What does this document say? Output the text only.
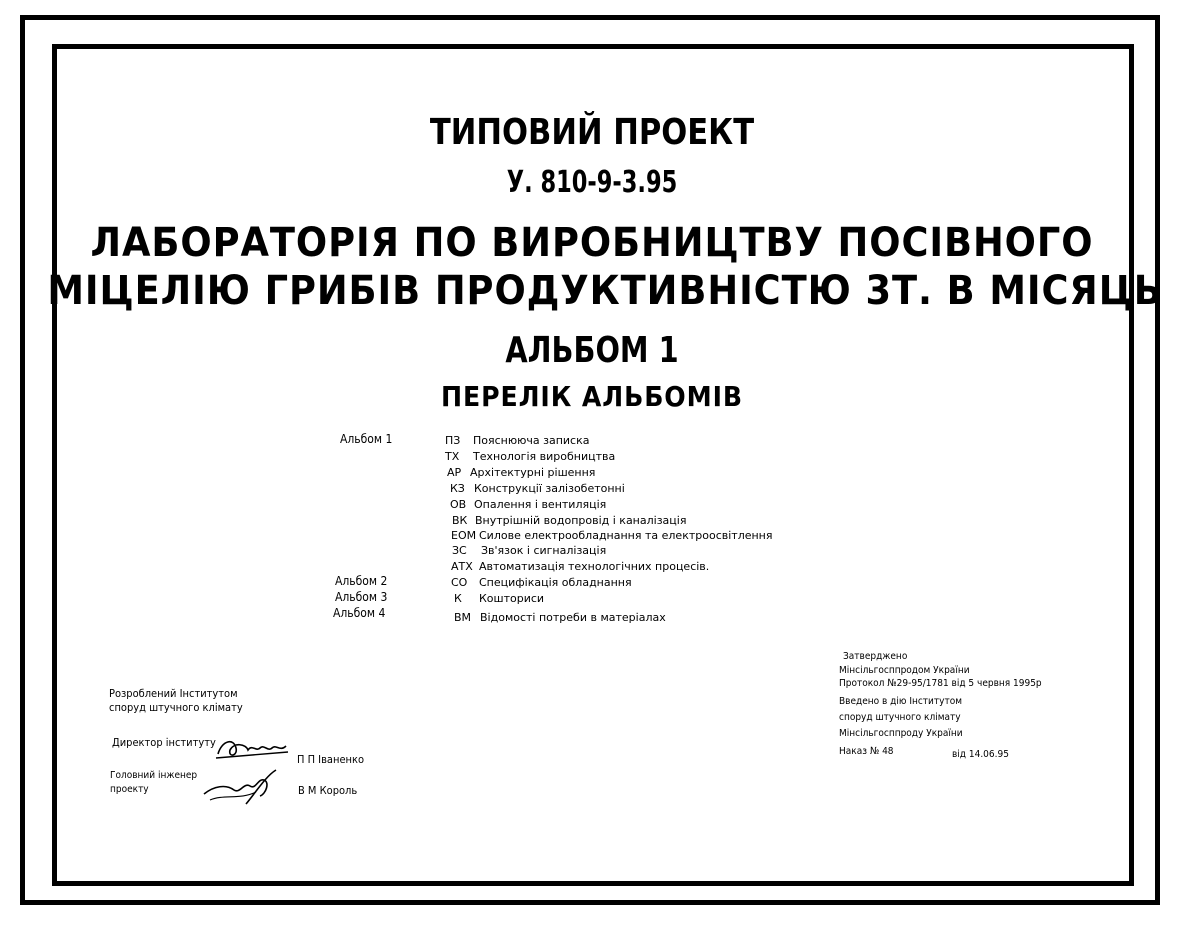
ТИПОВИЙ ПРОЕКТ
У. 810-9-3.95
ЛАБОРАТОРІЯ ПО ВИРОБНИЦТВУ ПОСІВНОГО
МІЦЕЛІЮ ГРИБІВ ПРОДУКТИВНІСТЮ 3Т. В МІСЯЦЬ
АЛЬБОМ 1
ПЕРЕЛІК АЛЬБОМІВ
Альбом 1
Альбом 2
Альбом 3
Альбом 4
ПЗ Пояснююча записка
ТХ Технологія виробництва
АР Архітектурні рішення
КЗ Конструкції залізобетонні
ОВ Опалення і вентиляція
ВК Внутрішній водопровід і каналізація
ЕОМ Силове електрообладнання та електроосвітлення
ЗС Зв'язок і сигналізація
АТХ Автоматизація технологічних процесів.
СО Специфікація обладнання
К Кошториси
ВМ Відомості потреби в матеріалах
Розроблений Інститутом
споруд штучного клімату
Директор інституту
П П Іваненко
Головний інженер
проекту	В М Король
Затверджено
Мінсільгосппродом України
Протокол №29-95/1781 від 5 червня 1995р
Введено в дію Інститутом
споруд штучного клімату
Мінсільгосппроду України
Наказ № 48	від 14.06.95
